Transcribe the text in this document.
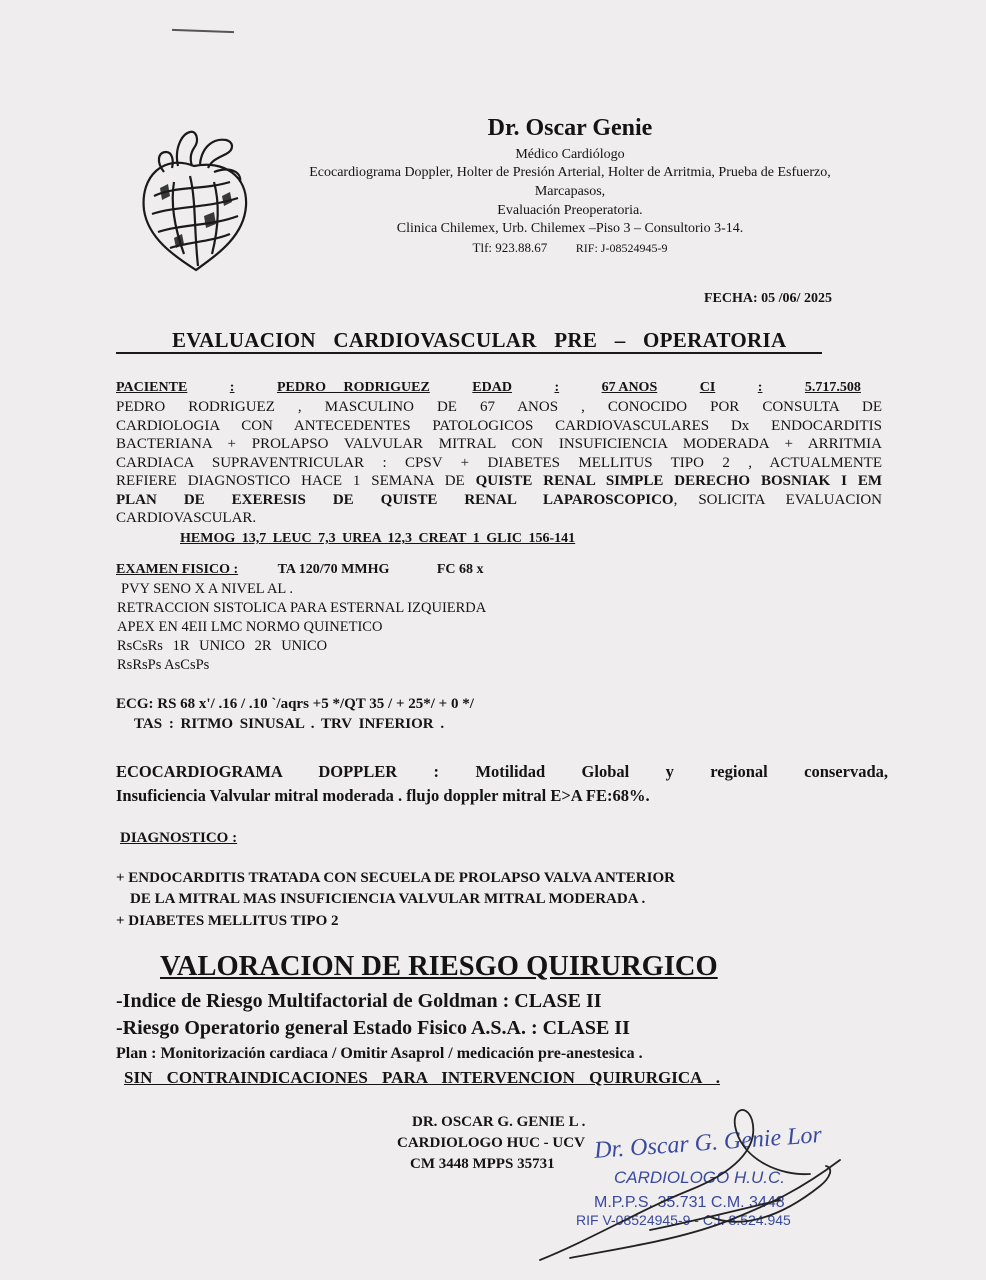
Dr. Oscar Genie
Médico Cardiólogo
Ecocardiograma Doppler, Holter de Presión Arterial, Holter de Arritmia, Prueba de Esfuerzo,
Marcapasos,
Evaluación Preoperatoria.
Clinica Chilemex, Urb. Chilemex –Piso 3 – Consultorio 3-14.
Tlf: 923.88.67 RIF: J-08524945-9
FECHA: 05 /06/ 2025
EVALUACION CARDIOVASCULAR PRE – OPERATORIA
PACIENTE	:	PEDRO RODRIGUEZ	EDAD	:	67 ANOS	CI	:	5.717.508
PEDRO RODRIGUEZ , MASCULINO DE 67 ANOS , CONOCIDO POR CONSULTA DE
CARDIOLOGIA CON ANTECEDENTES PATOLOGICOS CARDIOVASCULARES Dx ENDOCARDITIS
BACTERIANA + PROLAPSO VALVULAR MITRAL CON INSUFICIENCIA MODERADA + ARRITMIA
CARDIACA SUPRAVENTRICULAR : CPSV + DIABETES MELLITUS TIPO 2 , ACTUALMENTE
REFIERE DIAGNOSTICO HACE 1 SEMANA DE QUISTE RENAL SIMPLE DERECHO BOSNIAK I EM
PLAN DE EXERESIS DE QUISTE RENAL LAPAROSCOPICO, SOLICITA EVALUACION
CARDIOVASCULAR.
HEMOG 13,7 LEUC 7,3 UREA 12,3 CREAT 1 GLIC 156-141
EXAMEN FISICO :	TA 120/70 MMHG	FC 68 x
PVY SENO X A NIVEL AL .
RETRACCION SISTOLICA PARA ESTERNAL IZQUIERDA
APEX EN 4EII LMC NORMO QUINETICO
RsCsRs 1R UNICO 2R UNICO
RsRsPs AsCsPs
ECG: RS 68 x'/ .16 / .10 `/aqrs +5 */QT 35 / + 25*/ + 0 */
TAS : RITMO SINUSAL . TRV INFERIOR .
ECOCARDIOGRAMA DOPPLER : Motilidad Global y regional conservada,
Insuficiencia Valvular mitral moderada . flujo doppler mitral E>A FE:68%.
DIAGNOSTICO :
+ ENDOCARDITIS TRATADA CON SECUELA DE PROLAPSO VALVA ANTERIOR
DE LA MITRAL MAS INSUFICIENCIA VALVULAR MITRAL MODERADA .
+ DIABETES MELLITUS TIPO 2
VALORACION DE RIESGO QUIRURGICO
-Indice de Riesgo Multifactorial de Goldman : CLASE II
-Riesgo Operatorio general Estado Fisico A.S.A. : CLASE II
Plan : Monitorización cardiaca / Omitir Asaprol / medicación pre-anestesica .
SIN CONTRAINDICACIONES PARA INTERVENCION QUIRURGICA .
DR. OSCAR G. GENIE L .
CARDIOLOGO HUC - UCV
CM 3448 MPPS 35731
Dr. Oscar G. Genie Lor
CARDIOLOGO H.U.C.
M.P.P.S. 35.731 C.M. 3448
RIF V-08524945-9 - C.I. 8.524.945
